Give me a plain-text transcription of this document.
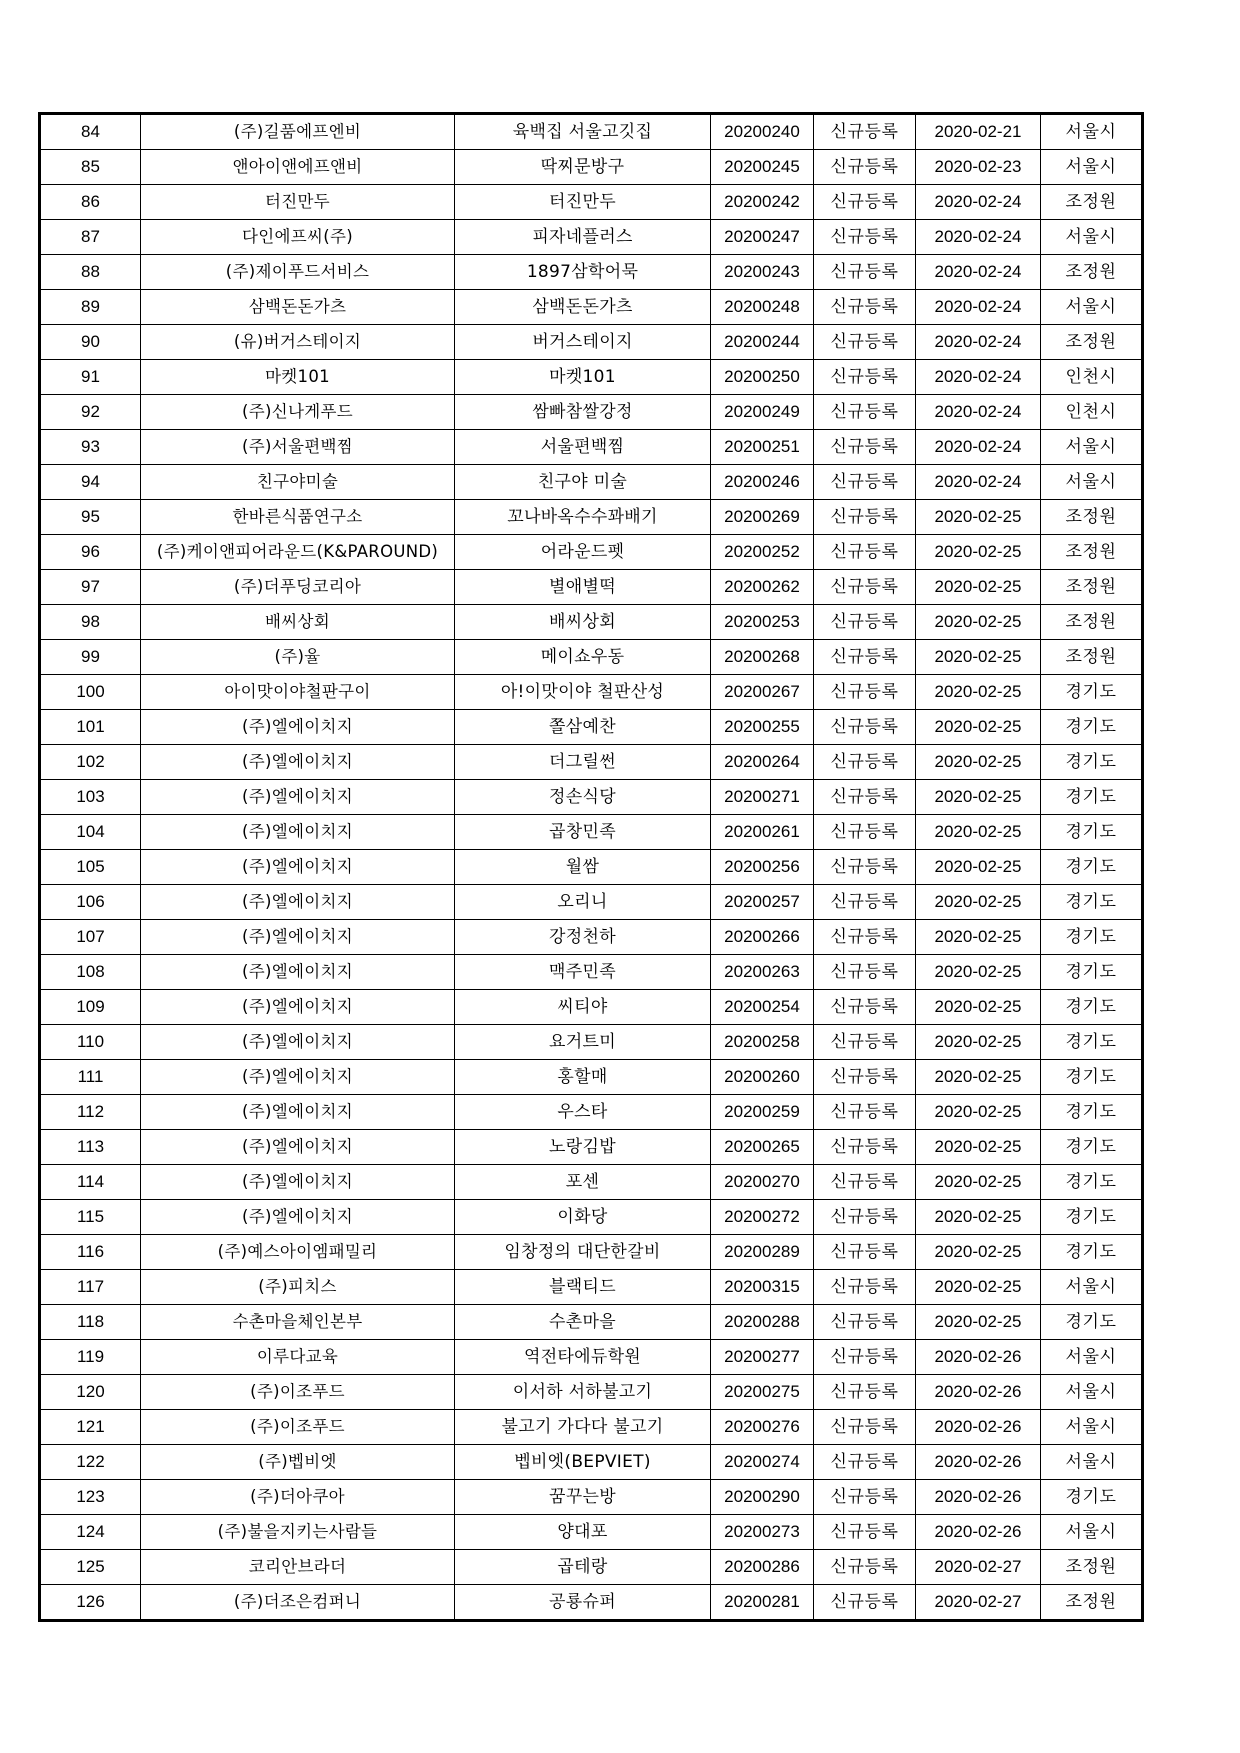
84	(주)길품에프엔비	육백집 서울고깃집	20200240	신규등록	2020-02-21	서울시
85	앤아이앤에프앤비	딱찌문방구	20200245	신규등록	2020-02-23	서울시
86	터진만두	터진만두	20200242	신규등록	2020-02-24	조정원
87	다인에프씨(주)	피자네플러스	20200247	신규등록	2020-02-24	서울시
88	(주)제이푸드서비스	1897삼학어묵	20200243	신규등록	2020-02-24	조정원
89	삼백돈돈가츠	삼백돈돈가츠	20200248	신규등록	2020-02-24	서울시
90	(유)버거스테이지	버거스테이지	20200244	신규등록	2020-02-24	조정원
91	마켓101	마켓101	20200250	신규등록	2020-02-24	인천시
92	(주)신나게푸드	쌈빠참쌀강정	20200249	신규등록	2020-02-24	인천시
93	(주)서울편백찜	서울편백찜	20200251	신규등록	2020-02-24	서울시
94	친구야미술	친구야 미술	20200246	신규등록	2020-02-24	서울시
95	한바른식품연구소	꼬나바옥수수꽈배기	20200269	신규등록	2020-02-25	조정원
96	(주)케이앤피어라운드(K&PAROUND)	어라운드펫	20200252	신규등록	2020-02-25	조정원
97	(주)더푸딩코리아	별애별떡	20200262	신규등록	2020-02-25	조정원
98	배씨상회	배씨상회	20200253	신규등록	2020-02-25	조정원
99	(주)율	메이쇼우동	20200268	신규등록	2020-02-25	조정원
100	아이맛이야철판구이	아!이맛이야 철판산성	20200267	신규등록	2020-02-25	경기도
101	(주)엘에이치지	쫄삼예찬	20200255	신규등록	2020-02-25	경기도
102	(주)엘에이치지	더그릴썬	20200264	신규등록	2020-02-25	경기도
103	(주)엘에이치지	정손식당	20200271	신규등록	2020-02-25	경기도
104	(주)엘에이치지	곱창민족	20200261	신규등록	2020-02-25	경기도
105	(주)엘에이치지	월쌈	20200256	신규등록	2020-02-25	경기도
106	(주)엘에이치지	오리니	20200257	신규등록	2020-02-25	경기도
107	(주)엘에이치지	강정천하	20200266	신규등록	2020-02-25	경기도
108	(주)엘에이치지	맥주민족	20200263	신규등록	2020-02-25	경기도
109	(주)엘에이치지	씨티야	20200254	신규등록	2020-02-25	경기도
110	(주)엘에이치지	요거트미	20200258	신규등록	2020-02-25	경기도
111	(주)엘에이치지	홍할매	20200260	신규등록	2020-02-25	경기도
112	(주)엘에이치지	우스타	20200259	신규등록	2020-02-25	경기도
113	(주)엘에이치지	노랑김밥	20200265	신규등록	2020-02-25	경기도
114	(주)엘에이치지	포센	20200270	신규등록	2020-02-25	경기도
115	(주)엘에이치지	이화당	20200272	신규등록	2020-02-25	경기도
116	(주)예스아이엠패밀리	임창정의 대단한갈비	20200289	신규등록	2020-02-25	경기도
117	(주)피치스	블랙티드	20200315	신규등록	2020-02-25	서울시
118	수촌마을체인본부	수촌마을	20200288	신규등록	2020-02-25	경기도
119	이루다교육	역전타에듀학원	20200277	신규등록	2020-02-26	서울시
120	(주)이조푸드	이서하 서하불고기	20200275	신규등록	2020-02-26	서울시
121	(주)이조푸드	불고기 가다다 불고기	20200276	신규등록	2020-02-26	서울시
122	(주)벱비엣	벱비엣(BEPVIET)	20200274	신규등록	2020-02-26	서울시
123	(주)더아쿠아	꿈꾸는방	20200290	신규등록	2020-02-26	경기도
124	(주)불을지키는사람들	양대포	20200273	신규등록	2020-02-26	서울시
125	코리안브라더	곱테랑	20200286	신규등록	2020-02-27	조정원
126	(주)더조은컴퍼니	공룡슈퍼	20200281	신규등록	2020-02-27	조정원
